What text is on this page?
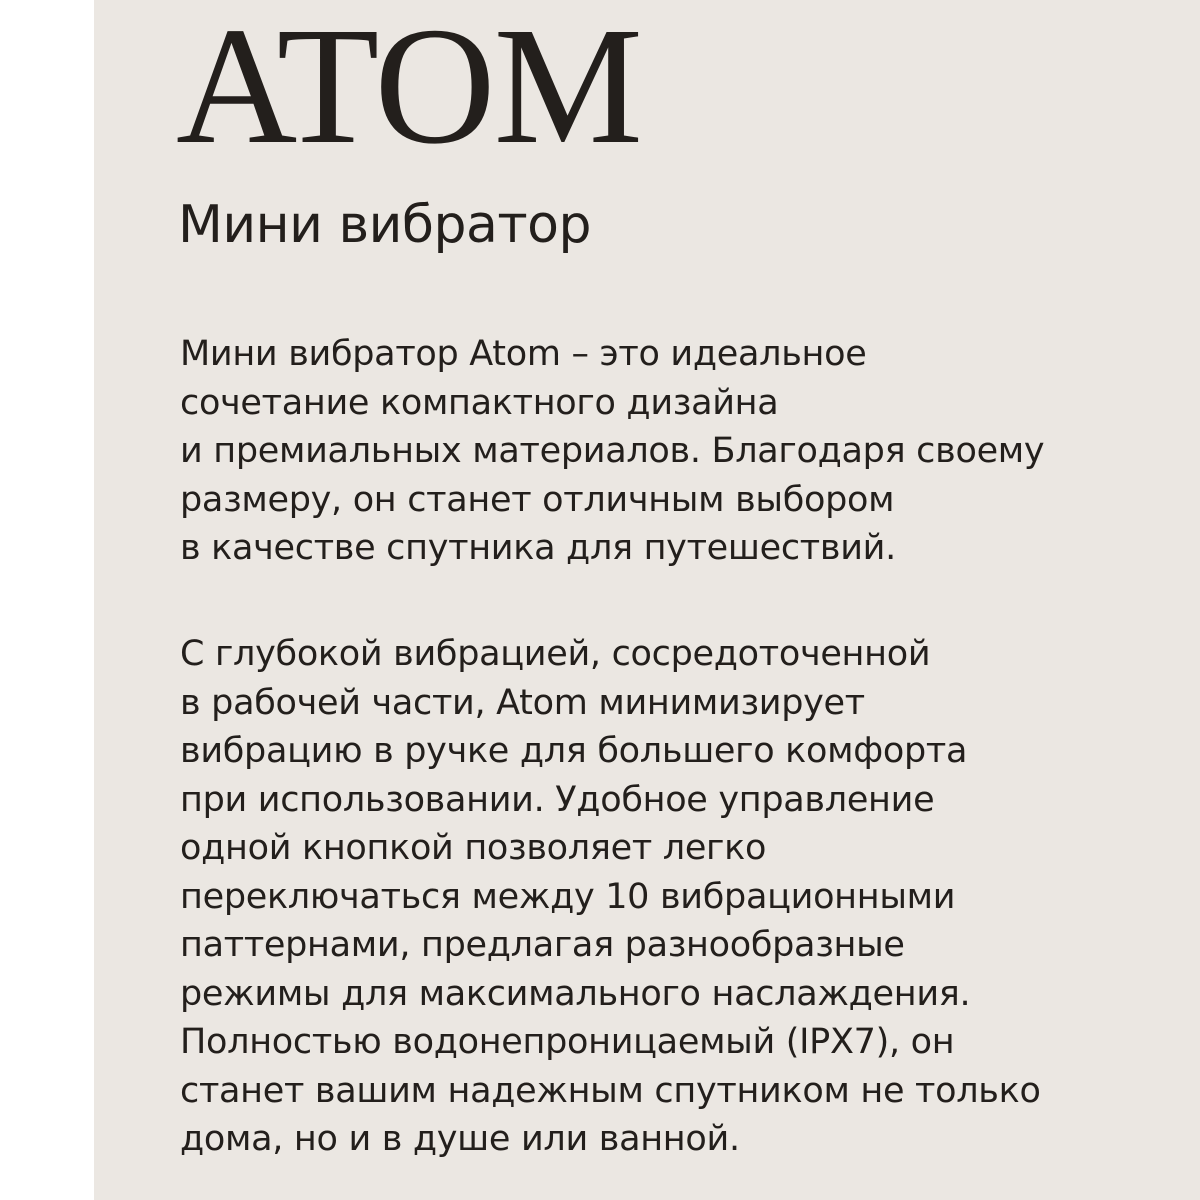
ATOM
Мини вибратор
Мини вибратор Atom – это идеальное
сочетание компактного дизайна
и премиальных материалов. Благодаря своему
размеру, он станет отличным выбором
в качестве спутника для путешествий.
С глубокой вибрацией, сосредоточенной
в рабочей части, Atom минимизирует
вибрацию в ручке для большего комфорта
при использовании. Удобное управление
одной кнопкой позволяет легко
переключаться между 10 вибрационными
паттернами, предлагая разнообразные
режимы для максимального наслаждения.
Полностью водонепроницаемый (IPX7), он
станет вашим надежным спутником не только
дома, но и в душе или ванной.
